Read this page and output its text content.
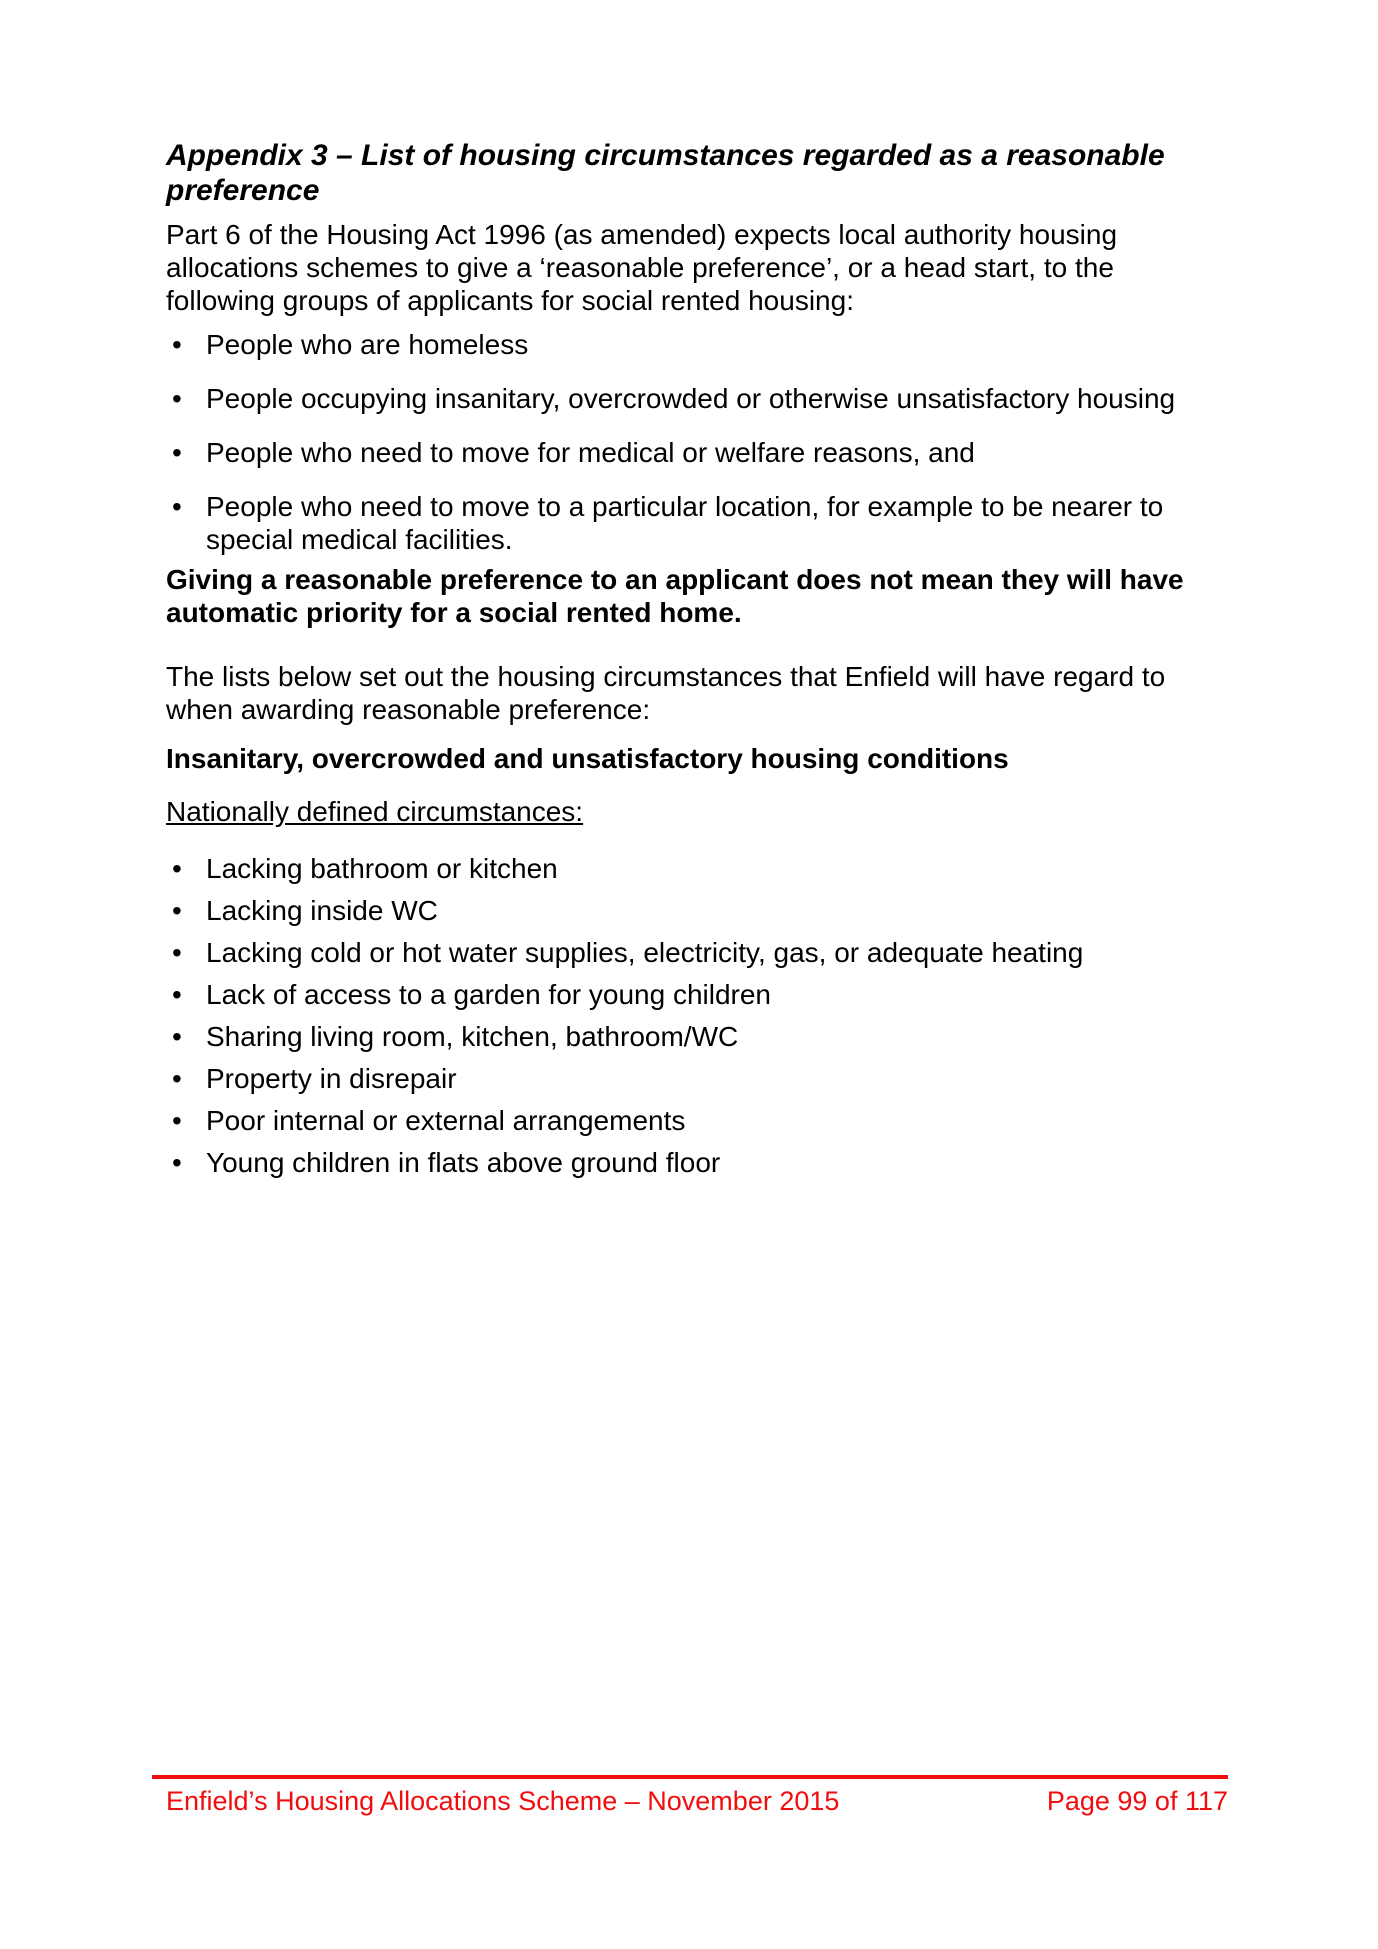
Appendix 3 – List of housing circumstances regarded as a reasonable preference

Part 6 of the Housing Act 1996 (as amended) expects local authority housing allocations schemes to give a ‘reasonable preference’, or a head start, to the following groups of applicants for social rented housing:

• People who are homeless
• People occupying insanitary, overcrowded or otherwise unsatisfactory housing
• People who need to move for medical or welfare reasons, and
• People who need to move to a particular location, for example to be nearer to special medical facilities.

Giving a reasonable preference to an applicant does not mean they will have automatic priority for a social rented home.

The lists below set out the housing circumstances that Enfield will have regard to when awarding reasonable preference:

Insanitary, overcrowded and unsatisfactory housing conditions
Nationally defined circumstances:
• Lacking bathroom or kitchen
• Lacking inside WC
• Lacking cold or hot water supplies, electricity, gas, or adequate heating
• Lack of access to a garden for young children
• Sharing living room, kitchen, bathroom/WC
• Property in disrepair
• Poor internal or external arrangements
• Young children in flats above ground floor
Enfield’s Housing Allocations Scheme – November 2015	Page 99 of 117
